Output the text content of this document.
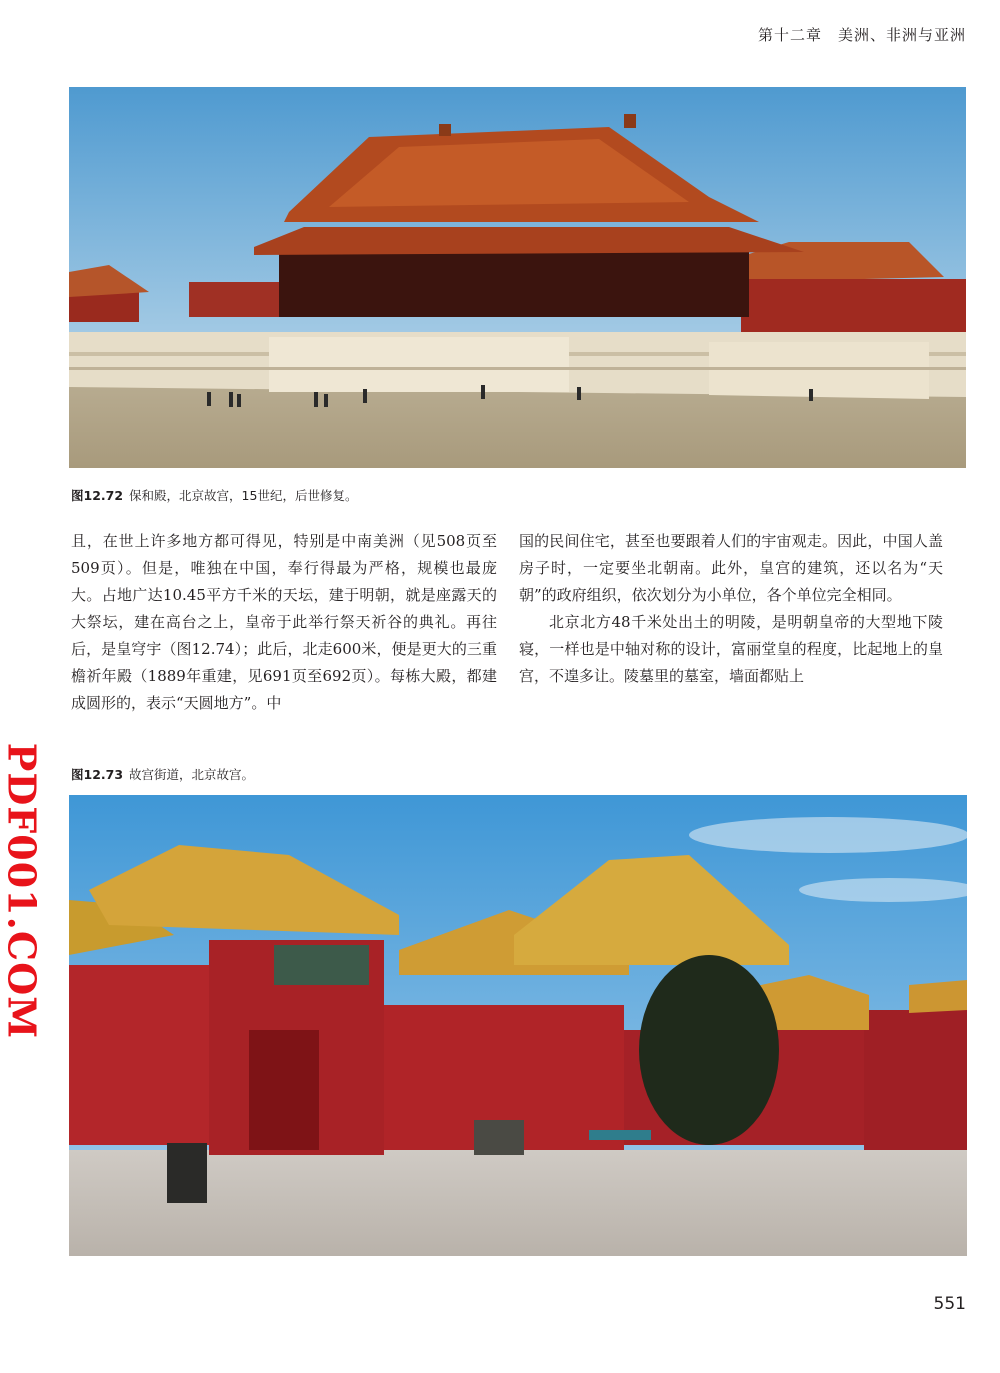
第十二章　美洲、非洲与亚洲
图12.72 保和殿，北京故宫，15世纪，后世修复。

且，在世上许多地方都可得见，特别是中南美洲（见508页至509页）。但是，唯独在中国，奉行得最为严格，规模也最庞大。占地广达10.45平方千米的天坛，建于明朝，就是座露天的大祭坛，建在高台之上，皇帝于此举行祭天祈谷的典礼。再往后，是皇穹宇（图12.74）；此后，北走600米，便是更大的三重檐祈年殿（1889年重建，见691页至692页）。每栋大殿，都建成圆形的，表示“天圆地方”。中

国的民间住宅，甚至也要跟着人们的宇宙观走。因此，中国人盖房子时，一定要坐北朝南。此外，皇宫的建筑，还以名为“天朝”的政府组织，依次划分为小单位，各个单位完全相同。

北京北方48千米处出土的明陵，是明朝皇帝的大型地下陵寝，一样也是中轴对称的设计，富丽堂皇的程度，比起地上的皇宫，不遑多让。陵墓里的墓室，墙面都贴上

图12.73 故宫街道，北京故宫。
PDF001.COM
551
